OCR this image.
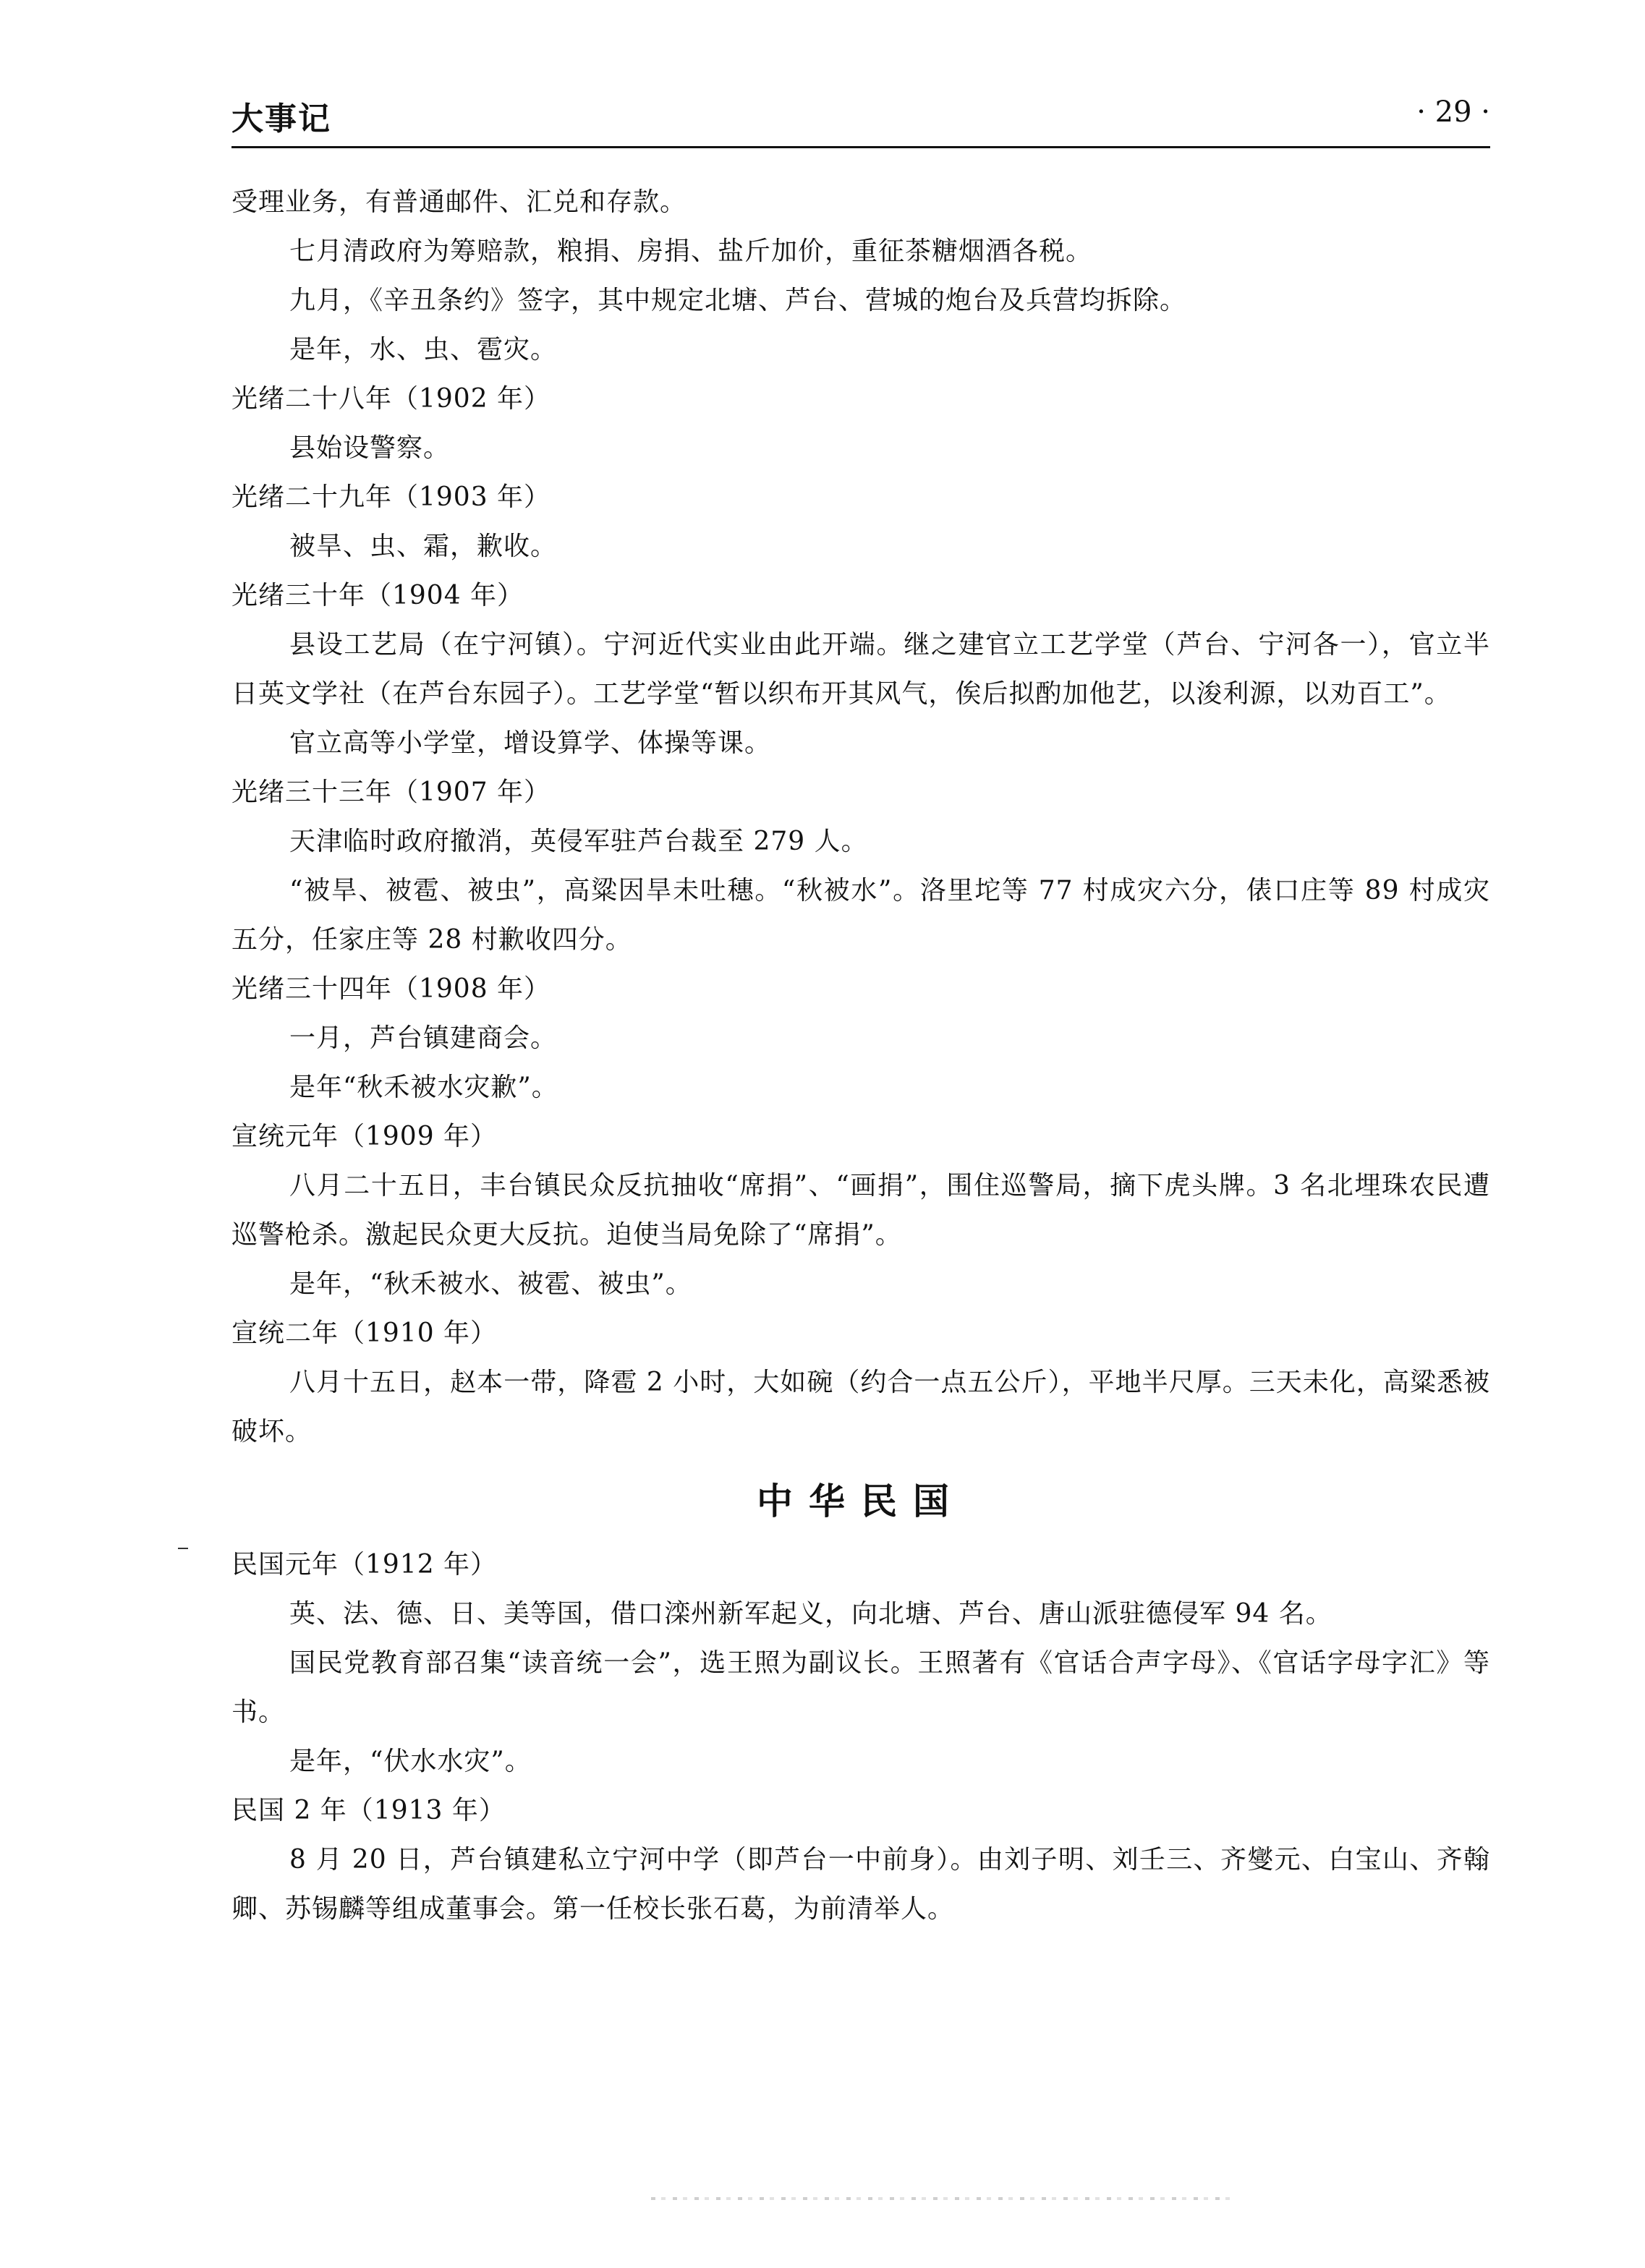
大事记	· 29 ·
受理业务，有普通邮件、汇兑和存款。
七月清政府为筹赔款，粮捐、房捐、盐斤加价，重征茶糖烟酒各税。
九月，《辛丑条约》签字，其中规定北塘、芦台、营城的炮台及兵营均拆除。
是年，水、虫、雹灾。
光绪二十八年（1902 年）
县始设警察。
光绪二十九年（1903 年）
被旱、虫、霜，歉收。
光绪三十年（1904 年）
县设工艺局（在宁河镇）。宁河近代实业由此开端。继之建官立工艺学堂（芦台、宁河各一），官立半日英文学社（在芦台东园子）。工艺学堂“暂以织布开其风气，俟后拟酌加他艺，以浚利源，以劝百工”。
官立高等小学堂，增设算学、体操等课。
光绪三十三年（1907 年）
天津临时政府撤消，英侵军驻芦台裁至 279 人。
“被旱、被雹、被虫”，高粱因旱未吐穗。“秋被水”。洛里坨等 77 村成灾六分，俵口庄等 89 村成灾五分，任家庄等 28 村歉收四分。
光绪三十四年（1908 年）
一月，芦台镇建商会。
是年“秋禾被水灾歉”。
宣统元年（1909 年）
八月二十五日，丰台镇民众反抗抽收“席捐”、“画捐”，围住巡警局，摘下虎头牌。3 名北埋珠农民遭巡警枪杀。激起民众更大反抗。迫使当局免除了“席捐”。
是年，“秋禾被水、被雹、被虫”。
宣统二年（1910 年）
八月十五日，赵本一带，降雹 2 小时，大如碗（约合一点五公斤），平地半尺厚。三天未化，高粱悉被破坏。
中华民国
民国元年（1912 年）
英、法、德、日、美等国，借口滦州新军起义，向北塘、芦台、唐山派驻德侵军 94 名。
国民党教育部召集“读音统一会”，选王照为副议长。王照著有《官话合声字母》、《官话字母字汇》等书。
是年，“伏水水灾”。
民国 2 年（1913 年）
8 月 20 日，芦台镇建私立宁河中学（即芦台一中前身）。由刘子明、刘壬三、齐燮元、白宝山、齐翰卿、苏锡麟等组成董事会。第一任校长张石葛，为前清举人。
